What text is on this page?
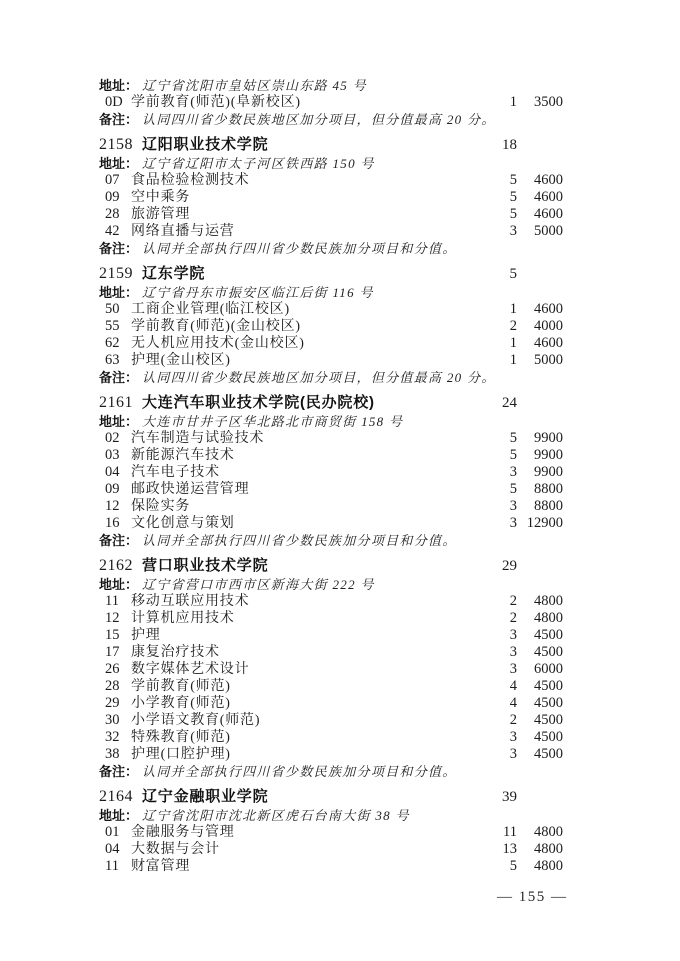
地址： 辽宁省沈阳市皇姑区崇山东路 45 号
0D 学前教育(师范)(阜新校区)	1	3500
备注： 认同四川省少数民族地区加分项目，但分值最高 20 分。
2158 辽阳职业技术学院	18
地址： 辽宁省辽阳市太子河区铁西路 150 号
07 食品检验检测技术	5	4600
09 空中乘务	5	4600
28 旅游管理	5	4600
42 网络直播与运营	3	5000
备注： 认同并全部执行四川省少数民族加分项目和分值。
2159 辽东学院	5
地址： 辽宁省丹东市振安区临江后街 116 号
50 工商企业管理(临江校区)	1	4600
55 学前教育(师范)(金山校区)	2	4000
62 无人机应用技术(金山校区)	1	4600
63 护理(金山校区)	1	5000
备注： 认同四川省少数民族地区加分项目，但分值最高 20 分。
2161 大连汽车职业技术学院(民办院校)	24
地址： 大连市甘井子区华北路北市商贸街 158 号
02 汽车制造与试验技术	5	9900
03 新能源汽车技术	5	9900
04 汽车电子技术	3	9900
09 邮政快递运营管理	5	8800
12 保险实务	3	8800
16 文化创意与策划	3 12900
备注： 认同并全部执行四川省少数民族加分项目和分值。
2162 营口职业技术学院	29
地址： 辽宁省营口市西市区新海大街 222 号
11 移动互联应用技术	2	4800
12 计算机应用技术	2	4800
15 护理	3	4500
17 康复治疗技术	3	4500
26 数字媒体艺术设计	3	6000
28 学前教育(师范)	4	4500
29 小学教育(师范)	4	4500
30 小学语文教育(师范)	2	4500
32 特殊教育(师范)	3	4500
38 护理(口腔护理)	3	4500
备注： 认同并全部执行四川省少数民族加分项目和分值。
2164 辽宁金融职业学院	39
地址： 辽宁省沈阳市沈北新区虎石台南大街 38 号
01 金融服务与管理	11	4800
04 大数据与会计	13	4800
11 财富管理	5	4800
— 155 —
